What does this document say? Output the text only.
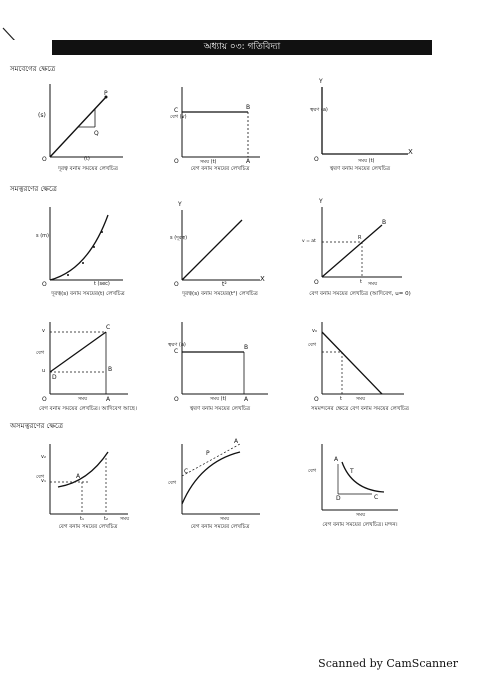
অধ্যায় ০৩: গতিবিদ্যা
সমবেগের ক্ষেত্রে
সমত্বরণের ক্ষেত্রে
অসমত্বরণের ক্ষেত্রে
(s)
(t)
O
P
Q
দূরত্ব বনাম সময়ের লেখচিত্র
বেগ (v)
সময় (t)
O
C	B
A
বেগ বনাম সময়ের লেখচিত্র
ত্বরণ (a)
সময় (t)
O
X
Y
ত্বরণ বনাম সময়ের লেখচিত্র
s (m)
t (sec)
O
দূরত্ব(s) বনাম সময়ের(t) লেখচিত্র
s (দূরত্ব)
t²
O
X
Y
দূরত্ব(s) বনাম সময়ের(t²) লেখচিত্র
Y
সময়
O
B
R
t
v = at
বেগ বনাম সময়ের লেখচিত্র (আদিবেগ, u= 0)
বেগ
সময়
O	A
B
C
D
v
u
বেগ বনাম সময়ের লেখচিত্র। আদিবেগ আছে।
ত্বরণ (a)
সময় (t)
O
C
B
A
ত্বরণ বনাম সময়ের লেখচিত্র
বেগ
সময়
O
v₀
t
সমমন্দনের ক্ষেত্রে বেগ বনাম সময়ের লেখচিত্র
বেগ
সময়
A
t₁	t₂
v₁
v₂
বেগ বনাম সময়ের লেখচিত্র
বেগ
সময়
A
C
P
বেগ বনাম সময়ের লেখচিত্র
বেগ
সময়
A
C
D
T
বেগ বনাম সময়ের লেখচিত্র। মন্দন।
Scanned by CamScanner
